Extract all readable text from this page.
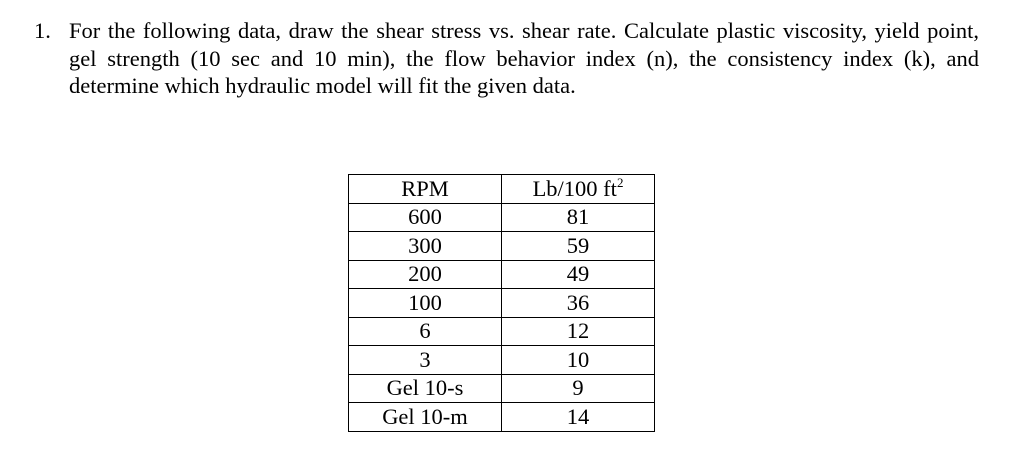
1. For the following data, draw the shear stress vs. shear rate. Calculate plastic viscosity, yield point, gel strength (10 sec and 10 min), the flow behavior index (n), the consistency index (k), and determine which hydraulic model will fit the given data.
RPM	Lb/100 $ft^2$
600	81
300	59
200	49
100	36
6	12
3	10
Gel 10-s	9
Gel 10-m	14
